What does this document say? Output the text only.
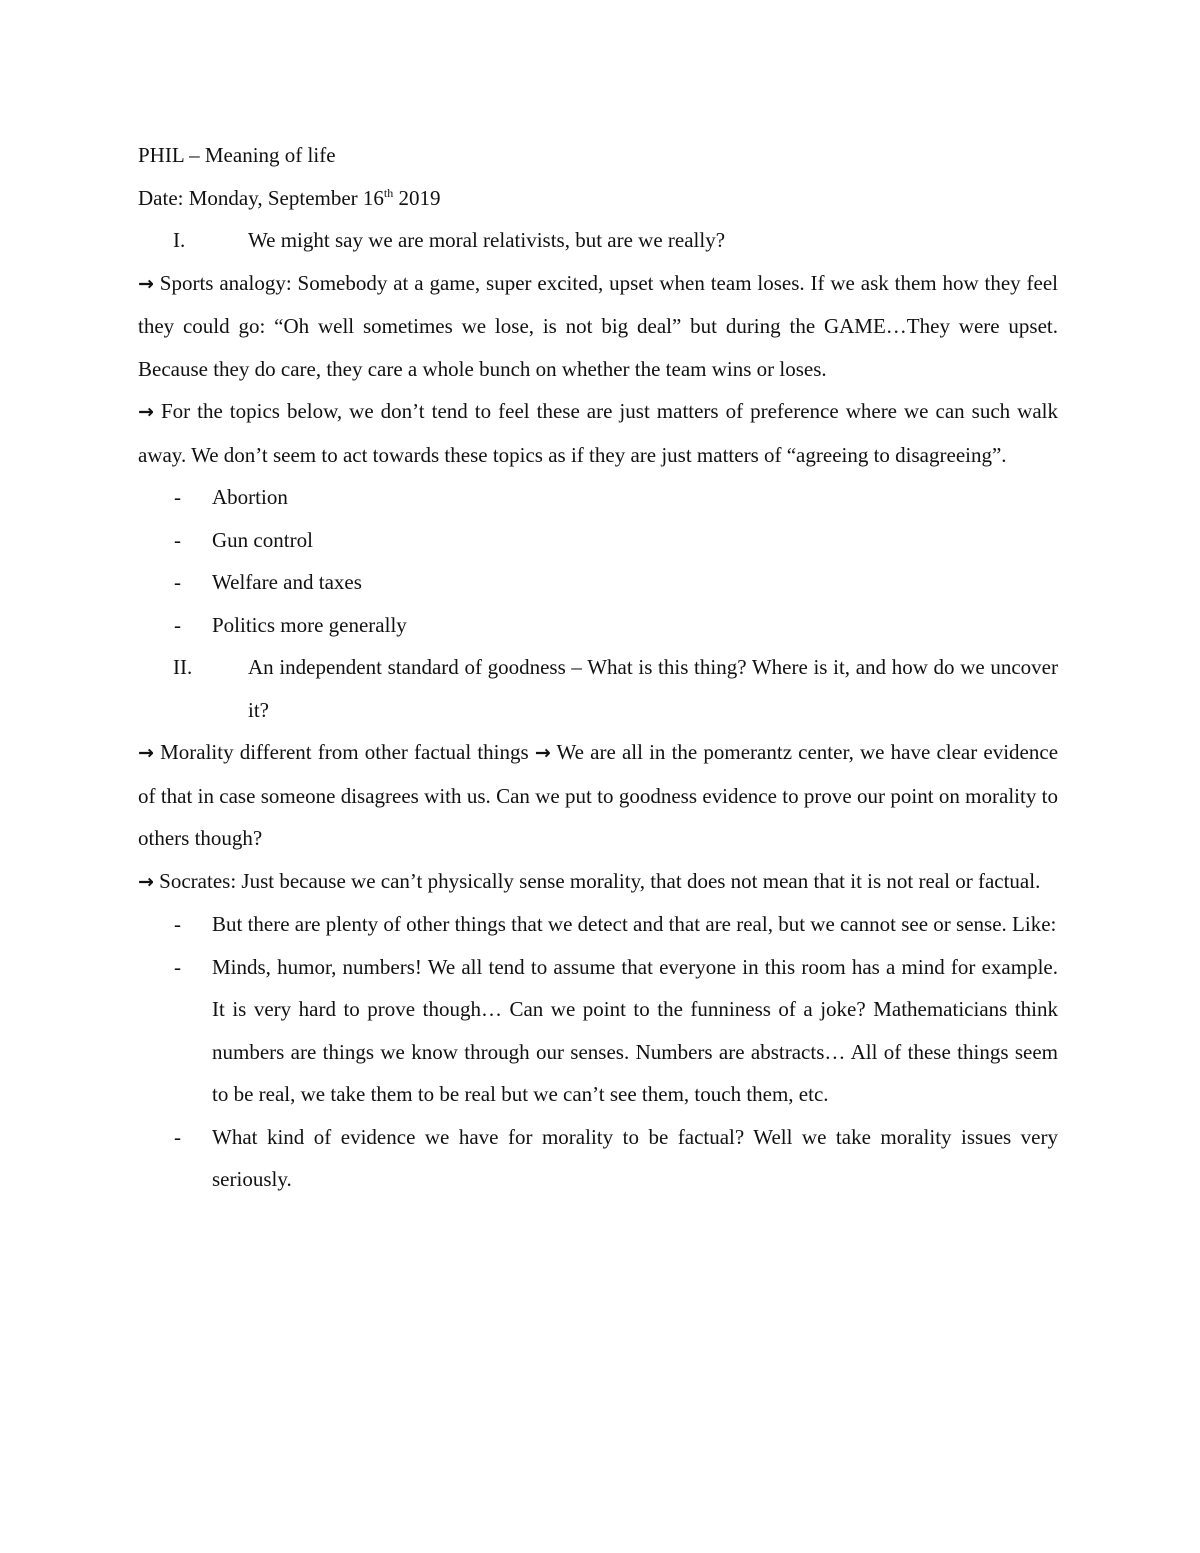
PHIL – Meaning of life

Date: Monday, September 16th 2019

I.	We might say we are moral relativists, but are we really?

→ Sports analogy: Somebody at a game, super excited, upset when team loses. If we ask them how they feel they could go: “Oh well sometimes we lose, is not big deal” but during the GAME…They were upset. Because they do care, they care a whole bunch on whether the team wins or loses.

→ For the topics below, we don’t tend to feel these are just matters of preference where we can such walk away. We don’t seem to act towards these topics as if they are just matters of “agreeing to disagreeing”.

- Abortion

- Gun control

- Welfare and taxes

- Politics more generally

II.	An independent standard of goodness – What is this thing? Where is it, and how do we uncover it?

→ Morality different from other factual things → We are all in the pomerantz center, we have clear evidence of that in case someone disagrees with us. Can we put to goodness evidence to prove our point on morality to others though?

→ Socrates: Just because we can’t physically sense morality, that does not mean that it is not real or factual.

- But there are plenty of other things that we detect and that are real, but we cannot see or sense. Like:

- Minds, humor, numbers! We all tend to assume that everyone in this room has a mind for example. It is very hard to prove though… Can we point to the funniness of a joke? Mathematicians think numbers are things we know through our senses. Numbers are abstracts… All of these things seem to be real, we take them to be real but we can’t see them, touch them, etc.

- What kind of evidence we have for morality to be factual? Well we take morality issues very seriously.
